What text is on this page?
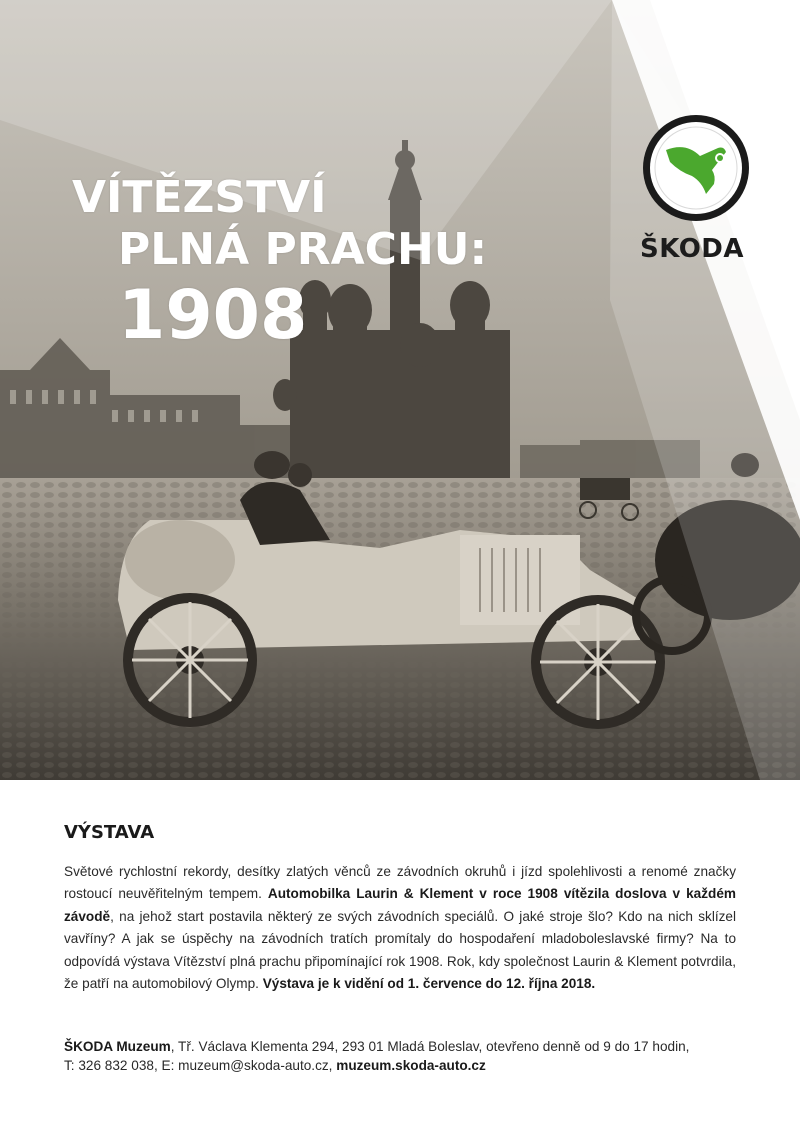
VÍTĚZSTVÍ
PLNÁ PRACHU:
1908
ŠKODA
VÝSTAVA

Světové rychlostní rekordy, desítky zlatých věnců ze závodních okruhů i jízd spolehlivosti a renomé značky rostoucí neuvěřitelným tempem. Automobilka Laurin & Klement v roce 1908 vítězila doslova v každém závodě, na jehož start postavila některý ze svých závodních speciálů. O jaké stroje šlo? Kdo na nich sklízel vavříny? A jak se úspěchy na závodních tratích promítaly do hospodaření mladoboleslavské firmy? Na to odpovídá výstava Vítězství plná prachu připomínající rok 1908. Rok, kdy společnost Laurin & Klement potvrdila, že patří na automobilový Olymp. Výstava je k vidění od 1. července do 12. října 2018.

ŠKODA Muzeum, Tř. Václava Klementa 294, 293 01 Mladá Boleslav, otevřeno denně od 9 do 17 hodin,
T: 326 832 038, E: muzeum@skoda-auto.cz, muzeum.skoda-auto.cz
